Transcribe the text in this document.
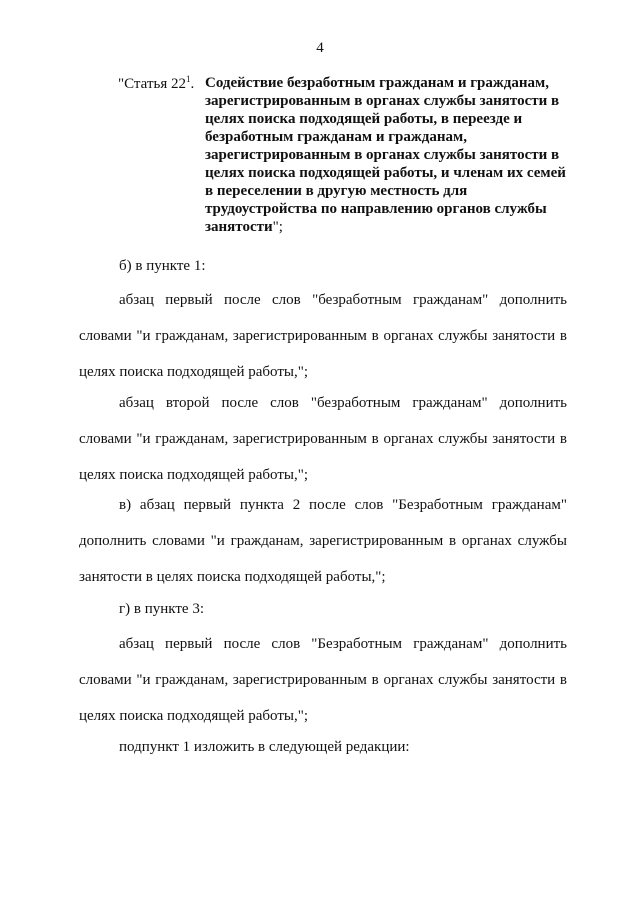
4
"Статья $22^1$. Содействие безработным гражданам и гражданам, зарегистрированным в органах службы занятости в целях поиска подходящей работы, в переезде и безработным гражданам и гражданам, зарегистрированным в органах службы занятости в целях поиска подходящей работы, и членам их семей в переселении в другую местность для трудоустройства по направлению органов службы занятости";

б) в пункте 1:

абзац первый после слов "безработным гражданам" дополнить словами "и гражданам, зарегистрированным в органах службы занятости в целях поиска подходящей работы,";

абзац второй после слов "безработным гражданам" дополнить словами "и гражданам, зарегистрированным в органах службы занятости в целях поиска подходящей работы,";

в) абзац первый пункта 2 после слов "Безработным гражданам" дополнить словами "и гражданам, зарегистрированным в органах службы занятости в целях поиска подходящей работы,";

г) в пункте 3:

абзац первый после слов "Безработным гражданам" дополнить словами "и гражданам, зарегистрированным в органах службы занятости в целях поиска подходящей работы,";

подпункт 1 изложить в следующей редакции:
